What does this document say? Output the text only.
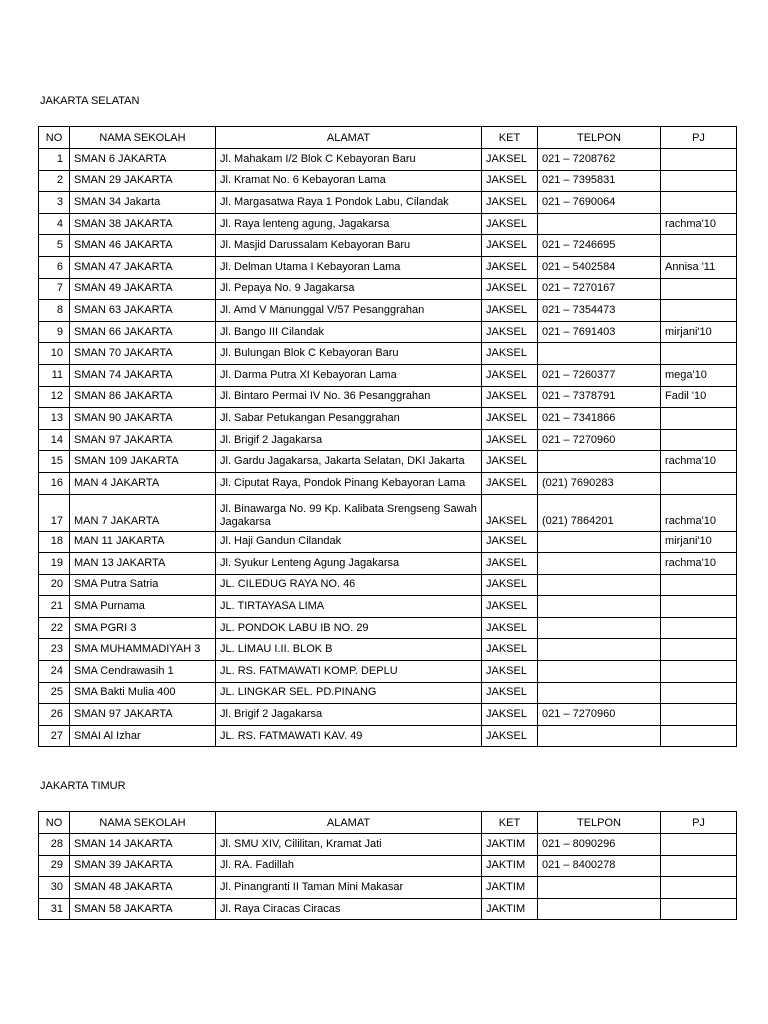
JAKARTA SELATAN
NO	NAMA SEKOLAH	ALAMAT	KET	TELPON	PJ
1	SMAN 6 JAKARTA	Jl. Mahakam I/2 Blok C Kebayoran Baru	JAKSEL	021 – 7208762	
2	SMAN 29 JAKARTA	Jl. Kramat No. 6 Kebayoran Lama	JAKSEL	021 – 7395831	
3	SMAN 34 Jakarta	Jl. Margasatwa Raya 1 Pondok Labu, Cilandak	JAKSEL	021 – 7690064	
4	SMAN 38 JAKARTA	Jl. Raya lenteng agung, Jagakarsa	JAKSEL		rachma'10
5	SMAN 46 JAKARTA	Jl. Masjid Darussalam Kebayoran Baru	JAKSEL	021 – 7246695	
6	SMAN 47 JAKARTA	Jl. Delman Utama I Kebayoran Lama	JAKSEL	021 – 5402584	Annisa '11
7	SMAN 49 JAKARTA	Jl. Pepaya No. 9 Jagakarsa	JAKSEL	021 – 7270167	
8	SMAN 63 JAKARTA	Jl. Amd V Manunggal V/57 Pesanggrahan	JAKSEL	021 – 7354473	
9	SMAN 66 JAKARTA	Jl. Bango III Cilandak	JAKSEL	021 – 7691403	mirjani'10
10	SMAN 70 JAKARTA	Jl. Bulungan Blok C Kebayoran Baru	JAKSEL		
11	SMAN 74 JAKARTA	Jl. Darma Putra XI Kebayoran Lama	JAKSEL	021 – 7260377	mega'10
12	SMAN 86 JAKARTA	Jl. Bintaro Permai IV No. 36 Pesanggrahan	JAKSEL	021 – 7378791	Fadil '10
13	SMAN 90 JAKARTA	Jl. Sabar Petukangan Pesanggrahan	JAKSEL	021 – 7341866	
14	SMAN 97 JAKARTA	Jl. Brigif 2 Jagakarsa	JAKSEL	021 – 7270960	
15	SMAN 109 JAKARTA	Jl. Gardu Jagakarsa, Jakarta Selatan, DKI Jakarta	JAKSEL		rachma'10
16	MAN 4 JAKARTA	Jl. Ciputat Raya, Pondok Pinang Kebayoran Lama	JAKSEL	(021) 7690283	
17	MAN 7 JAKARTA	Jl. Binawarga No. 99 Kp. Kalibata Srengseng Sawah Jagakarsa	JAKSEL	(021) 7864201	rachma'10
18	MAN 11 JAKARTA	Jl. Haji Gandun Cilandak	JAKSEL		mirjani'10
19	MAN 13 JAKARTA	Jl. Syukur Lenteng Agung Jagakarsa	JAKSEL		rachma'10
20	SMA Putra Satria	JL. CILEDUG RAYA NO. 46	JAKSEL		
21	SMA Purnama	JL. TIRTAYASA LIMA	JAKSEL		
22	SMA PGRI 3	JL. PONDOK LABU IB NO. 29	JAKSEL		
23	SMA MUHAMMADIYAH 3	JL. LIMAU I.II. BLOK B	JAKSEL		
24	SMA Cendrawasih 1	JL. RS. FATMAWATI KOMP. DEPLU	JAKSEL		
25	SMA Bakti Mulia 400	JL. LINGKAR SEL. PD.PINANG	JAKSEL		
26	SMAN 97 JAKARTA	Jl. Brigif 2 Jagakarsa	JAKSEL	021 – 7270960	
27	SMAI Al Izhar	JL. RS. FATMAWATI KAV. 49	JAKSEL		
JAKARTA TIMUR
NO	NAMA SEKOLAH	ALAMAT	KET	TELPON	PJ
28	SMAN 14 JAKARTA	Jl. SMU XIV, Cililitan, Kramat Jati	JAKTIM	021 – 8090296	
29	SMAN 39 JAKARTA	Jl. RA. Fadillah	JAKTIM	021 – 8400278	
30	SMAN 48 JAKARTA	Jl. Pinangranti II Taman Mini Makasar	JAKTIM		
31	SMAN 58 JAKARTA	Jl. Raya Ciracas Ciracas	JAKTIM		
